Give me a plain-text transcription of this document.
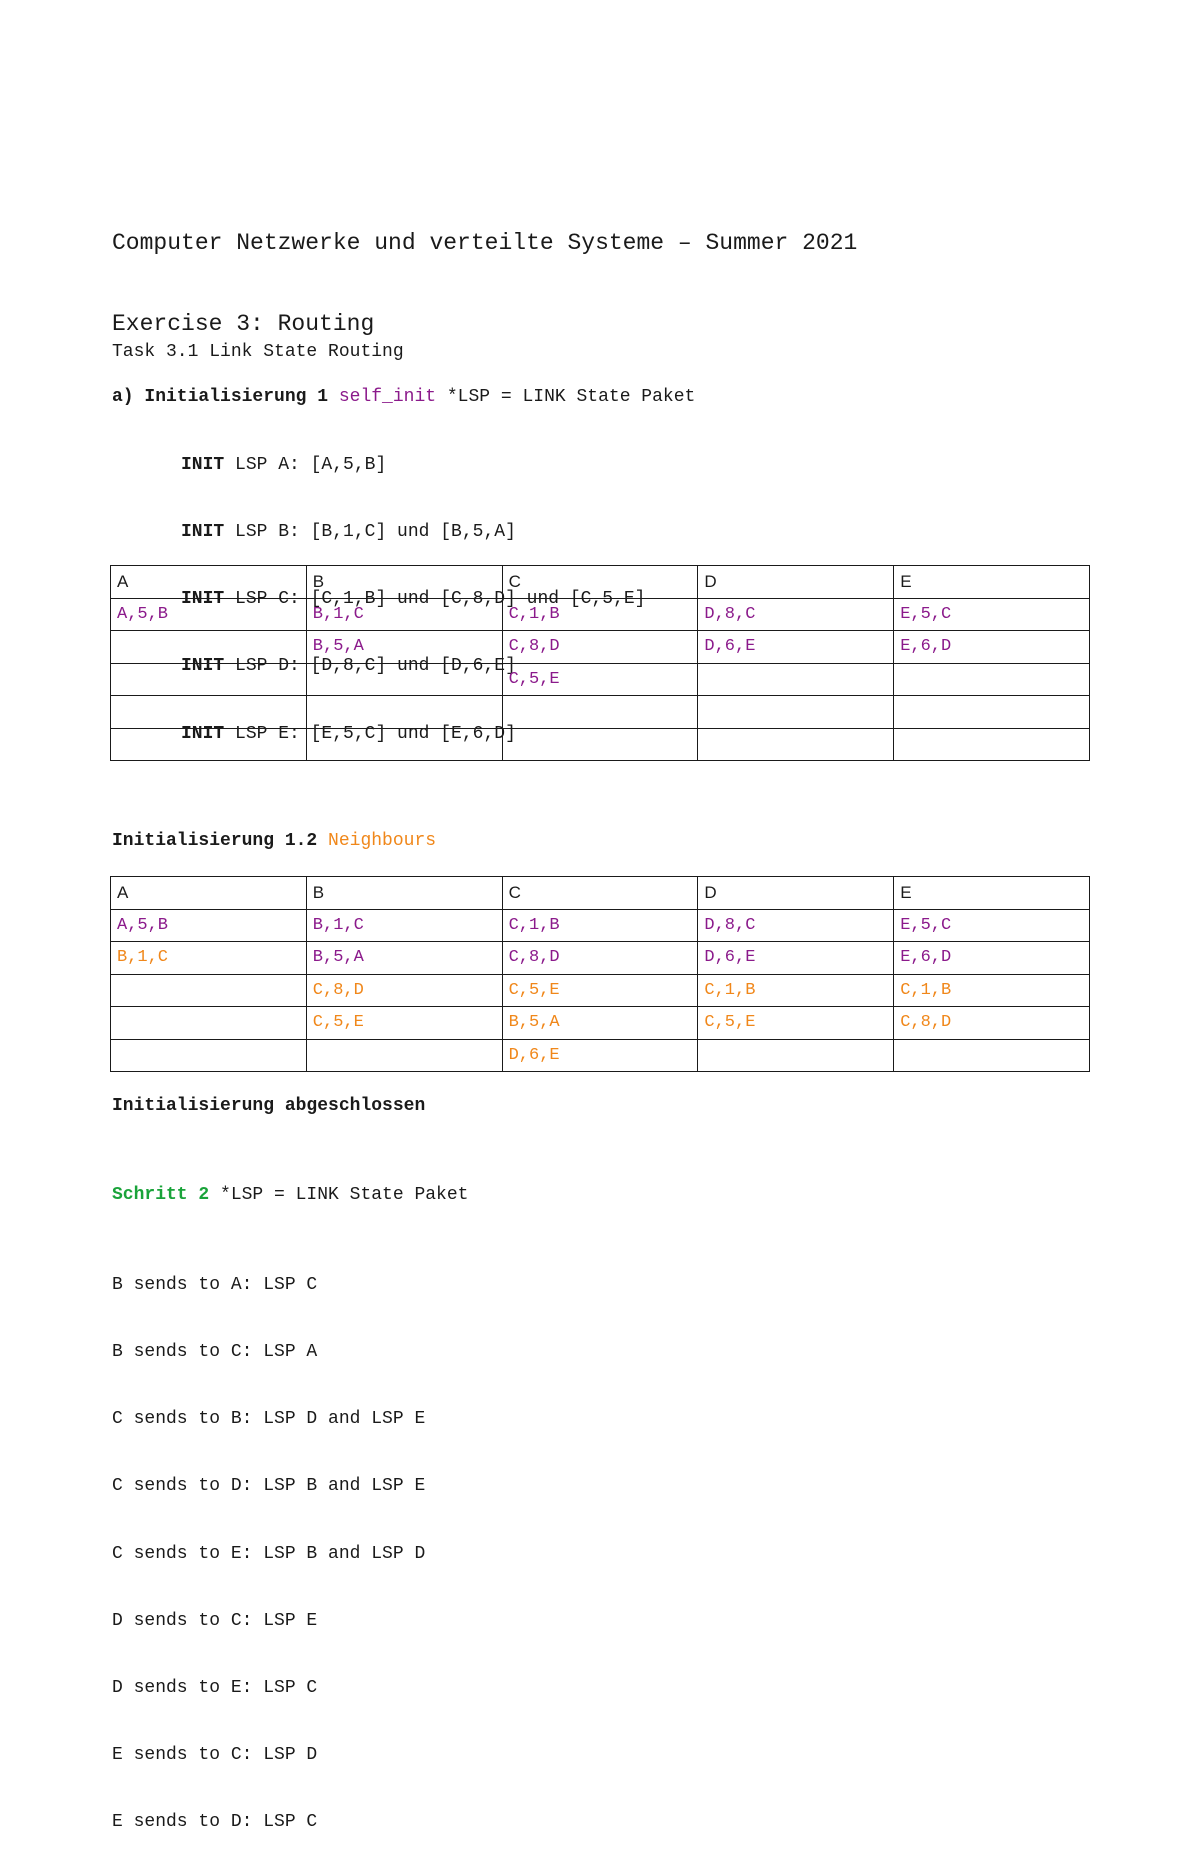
Computer Netzwerke und verteilte Systeme – Summer 2021

Exercise 3: Routing

Task 3.1 Link State Routing
a) Initialisierung 1 self_init *LSP = LINK State Paket

INIT LSP A: [A,5,B]

INIT LSP B: [B,1,C] und [B,5,A]

INIT LSP C: [C,1,B] und [C,8,D] und [C,5,E]

INIT LSP D: [D,8,C] und [D,6,E]

INIT LSP E: [E,5,C] und [E,6,D]

A	B	C	D	E
A,5,B	B,1,C	C,1,B	D,8,C	E,5,C
	B,5,A	C,8,D	D,6,E	E,6,D
		C,5,E		

Initialisierung 1.2 Neighbours
A	B	C	D	E
A,5,B	B,1,C	C,1,B	D,8,C	E,5,C
B,1,C	B,5,A	C,8,D	D,6,E	E,6,D
	C,8,D	C,5,E	C,1,B	C,1,B
	C,5,E	B,5,A	C,5,E	C,8,D
		D,6,E		
Initialisierung abgeschlossen
Schritt 2 *LSP = LINK State Paket

B sends to A: LSP C

B sends to C: LSP A

C sends to B: LSP D and LSP E

C sends to D: LSP B and LSP E

C sends to E: LSP B and LSP D

D sends to C: LSP E

D sends to E: LSP C

E sends to C: LSP D

E sends to D: LSP C
